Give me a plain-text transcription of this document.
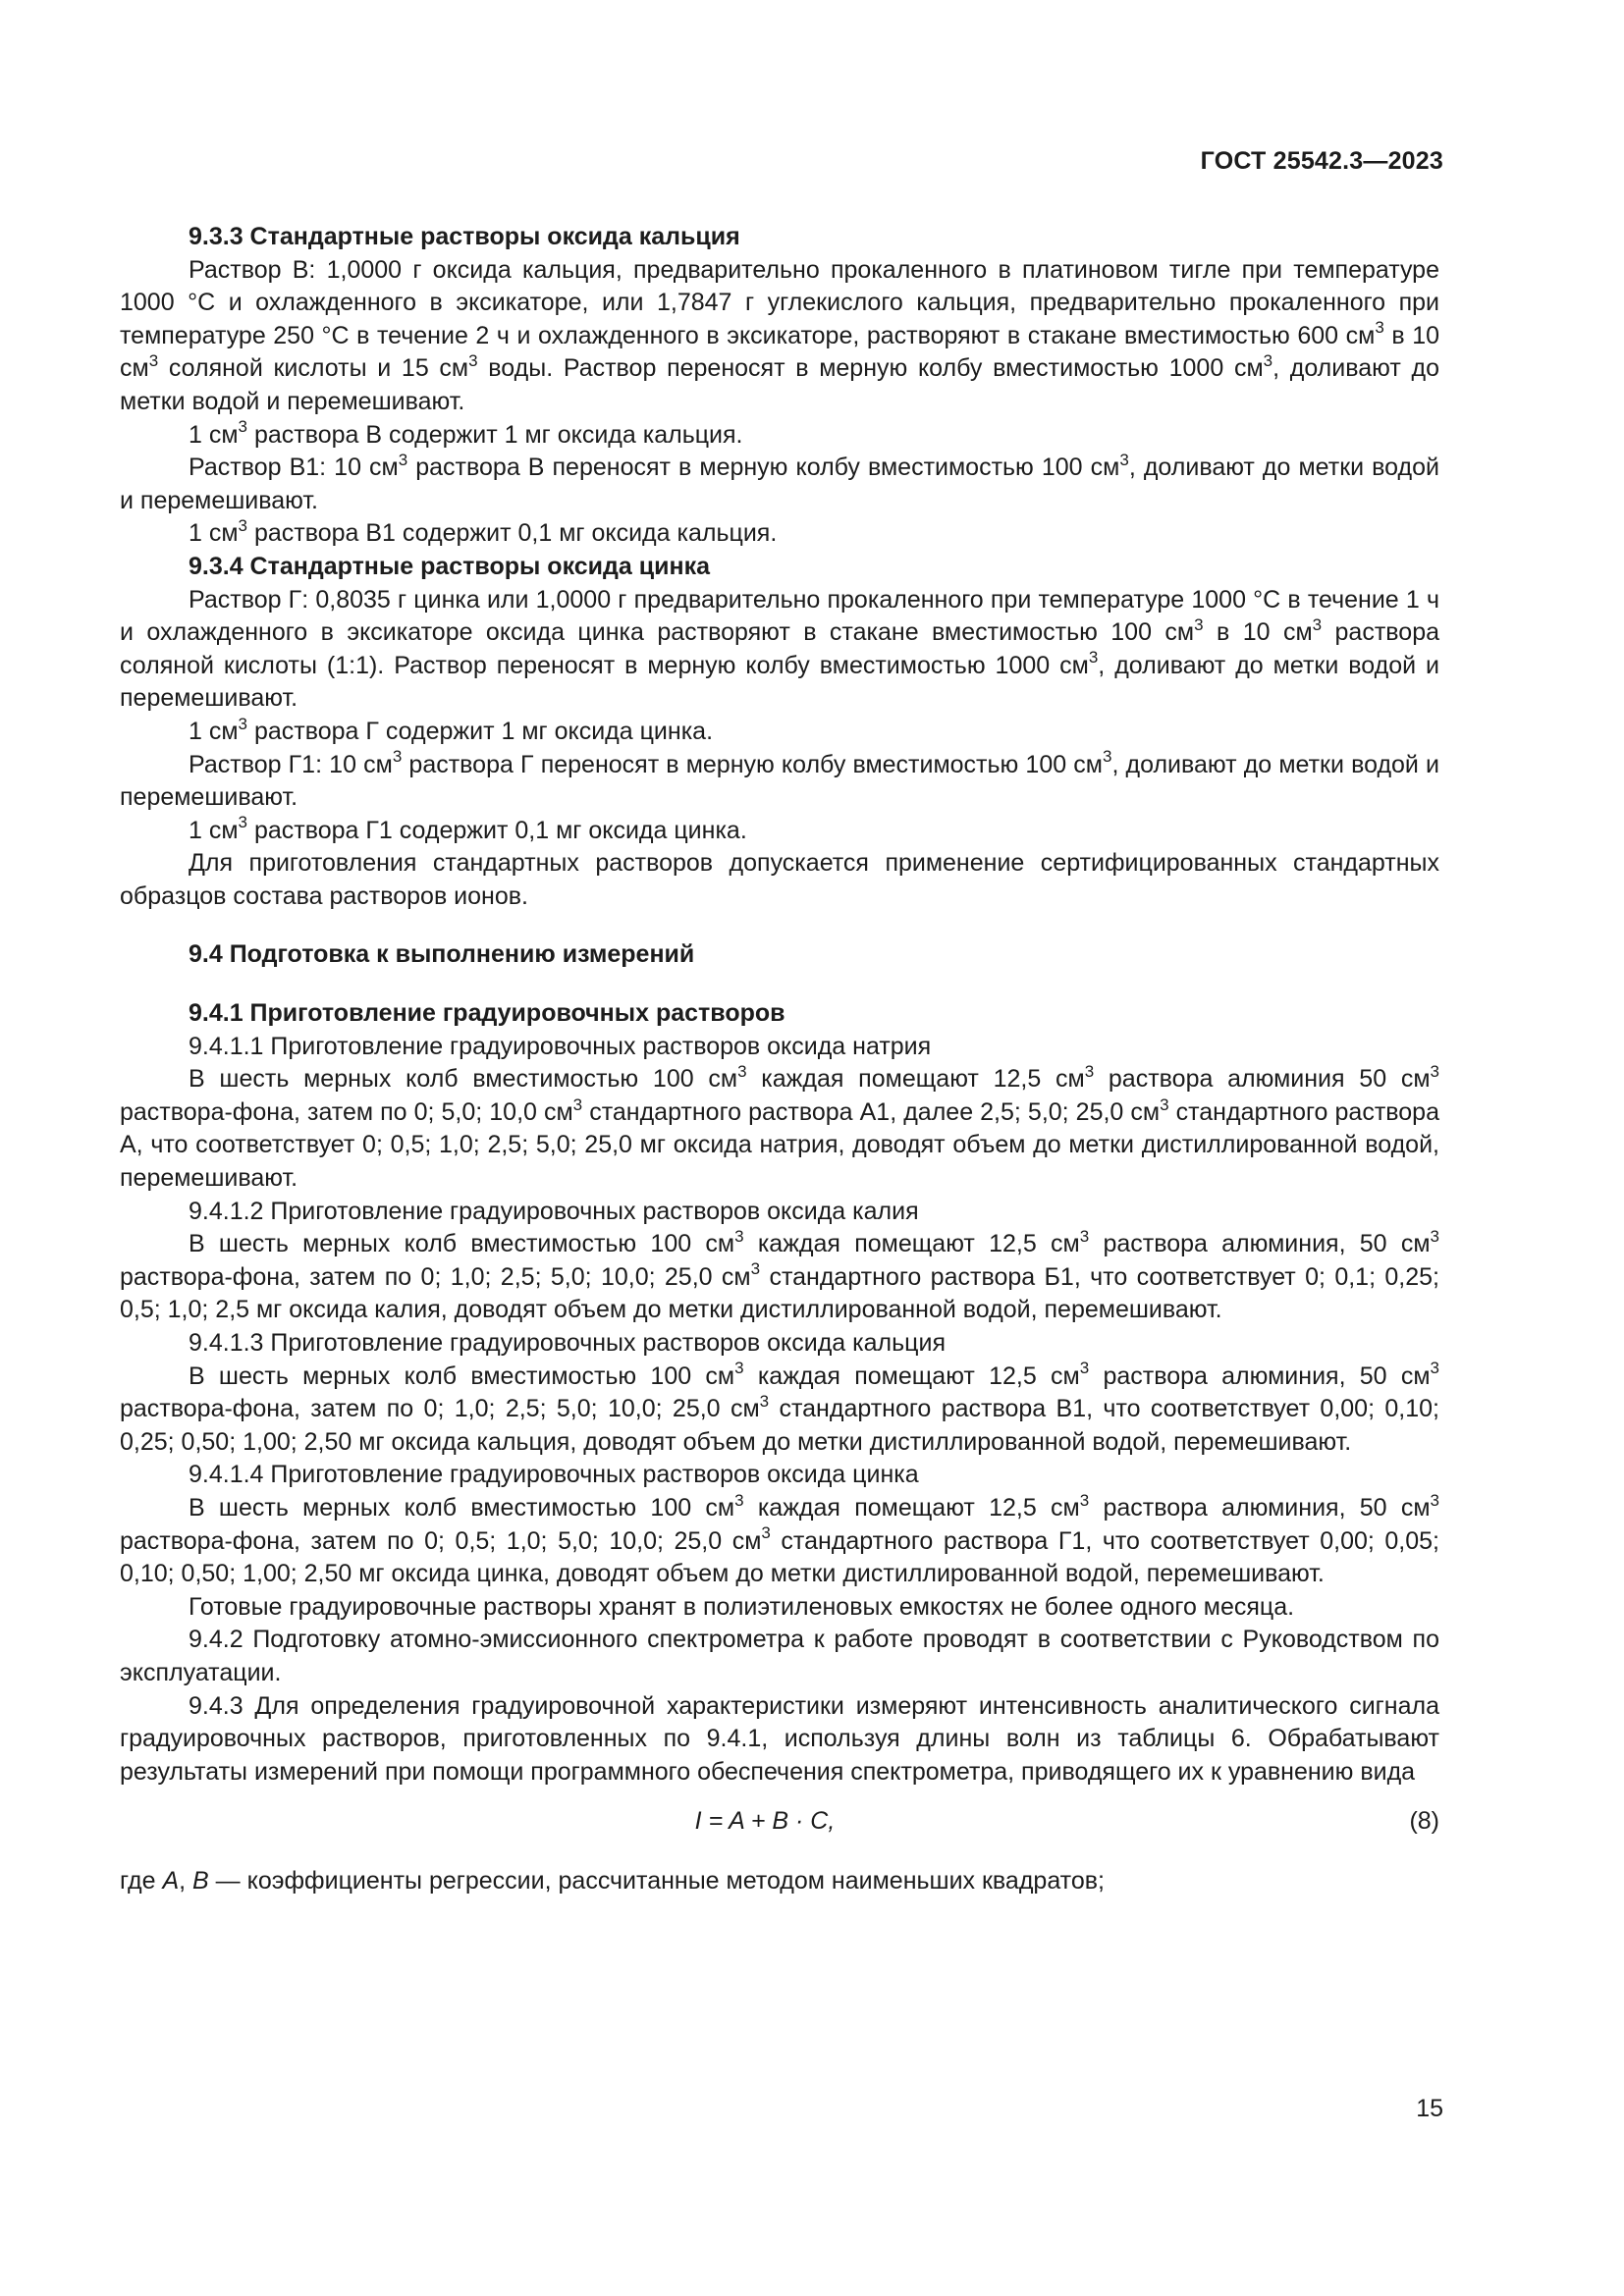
ГОСТ 25542.3—2023

9.3.3 Стандартные растворы оксида кальция

Раствор В: 1,0000 г оксида кальция, предварительно прокаленного в платиновом тигле при температуре 1000 °С и охлажденного в эксикаторе, или 1,7847 г углекислого кальция, предварительно прокаленного при температуре 250 °С в течение 2 ч и охлажденного в эксикаторе, растворяют в стакане вместимостью 600 $см^3$ в 10 $см^3$ соляной кислоты и 15 $см^3$ воды. Раствор переносят в мерную колбу вместимостью 1000 $см^3$, доливают до метки водой и перемешивают.

1 $см^3$ раствора В содержит 1 мг оксида кальция.

Раствор В1: 10 $см^3$ раствора В переносят в мерную колбу вместимостью 100 $см^3$, доливают до метки водой и перемешивают.

1 $см^3$ раствора В1 содержит 0,1 мг оксида кальция.

9.3.4 Стандартные растворы оксида цинка

Раствор Г: 0,8035 г цинка или 1,0000 г предварительно прокаленного при температуре 1000 °С в течение 1 ч и охлажденного в эксикаторе оксида цинка растворяют в стакане вместимостью 100 $см^3$ в 10 $см^3$ раствора соляной кислоты (1:1). Раствор переносят в мерную колбу вместимостью 1000 $см^3$, доливают до метки водой и перемешивают.

1 $см^3$ раствора Г содержит 1 мг оксида цинка.

Раствор Г1: 10 $см^3$ раствора Г переносят в мерную колбу вместимостью 100 $см^3$, доливают до метки водой и перемешивают.

1 $см^3$ раствора Г1 содержит 0,1 мг оксида цинка.

Для приготовления стандартных растворов допускается применение сертифицированных стандартных образцов состава растворов ионов.

9.4 Подготовка к выполнению измерений

9.4.1 Приготовление градуировочных растворов

9.4.1.1 Приготовление градуировочных растворов оксида натрия

В шесть мерных колб вместимостью 100 $см^3$ каждая помещают 12,5 $см^3$ раствора алюминия 50 $см^3$ раствора-фона, затем по 0; 5,0; 10,0 $см^3$ стандартного раствора А1, далее 2,5; 5,0; 25,0 $см^3$ стандартного раствора А, что соответствует 0; 0,5; 1,0; 2,5; 5,0; 25,0 мг оксида натрия, доводят объем до метки дистиллированной водой, перемешивают.

9.4.1.2 Приготовление градуировочных растворов оксида калия

В шесть мерных колб вместимостью 100 $см^3$ каждая помещают 12,5 $см^3$ раствора алюминия, 50 $см^3$ раствора-фона, затем по 0; 1,0; 2,5; 5,0; 10,0; 25,0 $см^3$ стандартного раствора Б1, что соответствует 0; 0,1; 0,25; 0,5; 1,0; 2,5 мг оксида калия, доводят объем до метки дистиллированной водой, перемешивают.

9.4.1.3 Приготовление градуировочных растворов оксида кальция

В шесть мерных колб вместимостью 100 $см^3$ каждая помещают 12,5 $см^3$ раствора алюминия, 50 $см^3$ раствора-фона, затем по 0; 1,0; 2,5; 5,0; 10,0; 25,0 $см^3$ стандартного раствора В1, что соответствует 0,00; 0,10; 0,25; 0,50; 1,00; 2,50 мг оксида кальция, доводят объем до метки дистиллированной водой, перемешивают.

9.4.1.4 Приготовление градуировочных растворов оксида цинка

В шесть мерных колб вместимостью 100 $см^3$ каждая помещают 12,5 $см^3$ раствора алюминия, 50 $см^3$ раствора-фона, затем по 0; 0,5; 1,0; 5,0; 10,0; 25,0 $см^3$ стандартного раствора Г1, что соответствует 0,00; 0,05; 0,10; 0,50; 1,00; 2,50 мг оксида цинка, доводят объем до метки дистиллированной водой, перемешивают.

Готовые градуировочные растворы хранят в полиэтиленовых емкостях не более одного месяца.

9.4.2 Подготовку атомно-эмиссионного спектрометра к работе проводят в соответствии с Руководством по эксплуатации.

9.4.3 Для определения градуировочной характеристики измеряют интенсивность аналитического сигнала градуировочных растворов, приготовленных по 9.4.1, используя длины волн из таблицы 6. Обрабатывают результаты измерений при помощи программного обеспечения спектрометра, приводящего их к уравнению вида

I = A + B · C,	(8)

где A, B — коэффициенты регрессии, рассчитанные методом наименьших квадратов;

15
